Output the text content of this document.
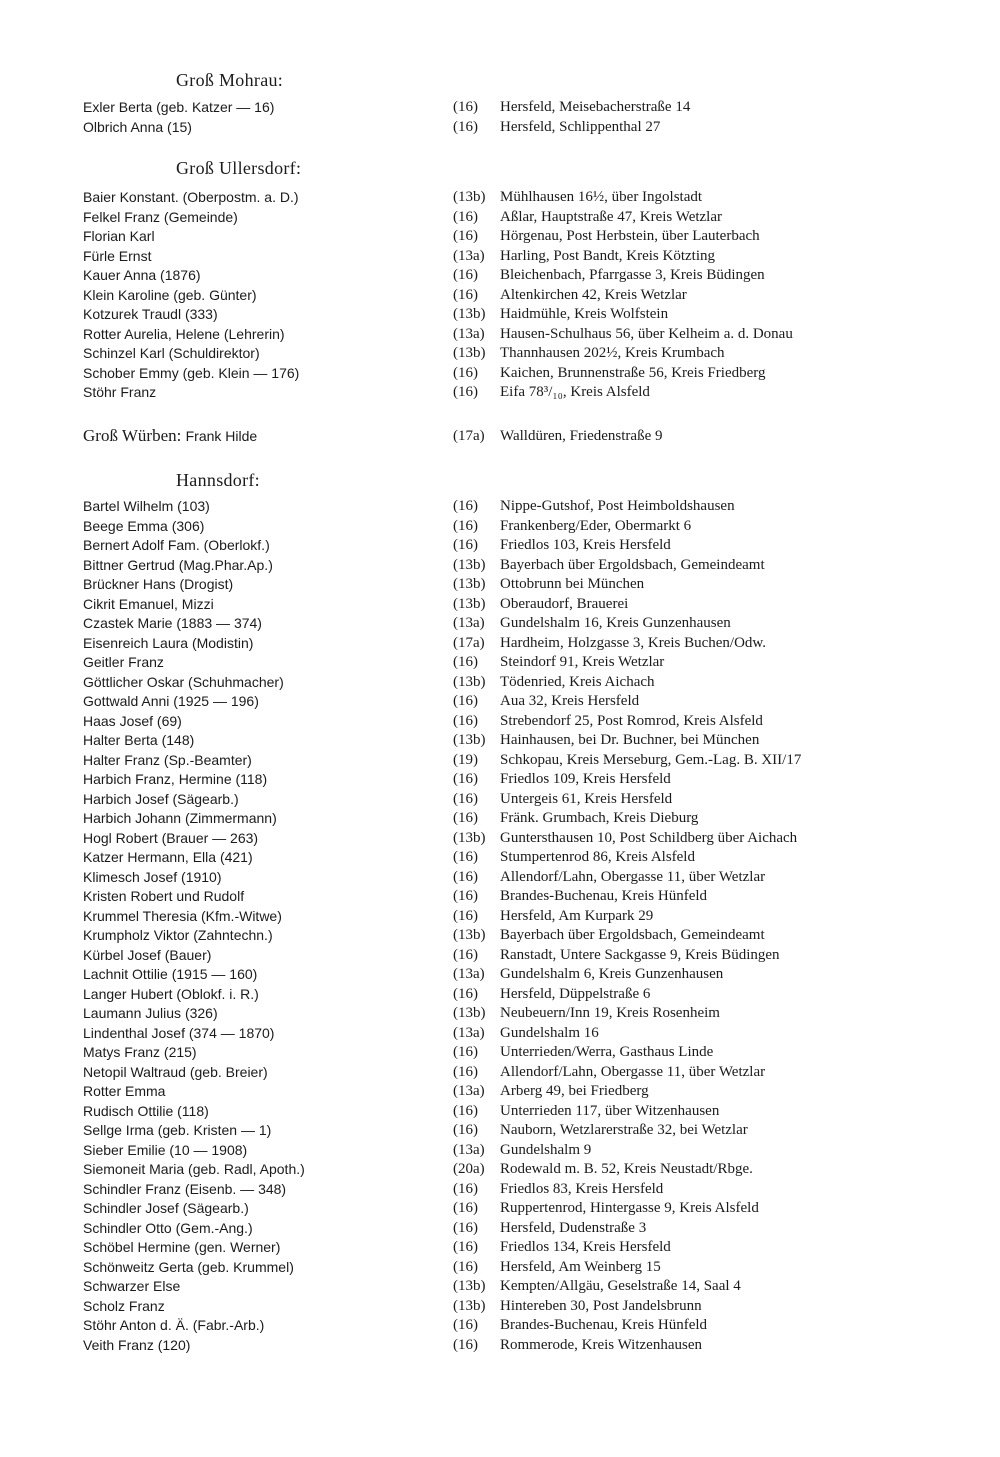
Groß Mohrau:
Exler Berta (geb. Katzer — 16)	(16)	Hersfeld, Meisebacherstraße 14
Olbrich Anna (15)	(16)	Hersfeld, Schlippenthal 27
Groß Ullersdorf:
Baier Konstant. (Oberpostm. a. D.)	(13b) Mühlhausen 16½, über Ingolstadt
Felkel Franz (Gemeinde)	(16)	Aßlar, Hauptstraße 47, Kreis Wetzlar
Florian Karl	(16)	Hörgenau, Post Herbstein, über Lauterbach
Fürle Ernst	(13a)	Harling, Post Bandt, Kreis Kötzting
Kauer Anna (1876)	(16)	Bleichenbach, Pfarrgasse 3, Kreis Büdingen
Klein Karoline (geb. Günter)	(16)	Altenkirchen 42, Kreis Wetzlar
Kotzurek Traudl (333)	(13b) Haidmühle, Kreis Wolfstein
Rotter Aurelia, Helene (Lehrerin)	(13a)	Hausen-Schulhaus 56, über Kelheim a. d. Donau
Schinzel Karl (Schuldirektor)	(13b) Thannhausen 202½, Kreis Krumbach
Schober Emmy (geb. Klein — 176)	(16)	Kaichen, Brunnenstraße 56, Kreis Friedberg
Stöhr Franz	(16)	Eifa 78³/₁₀, Kreis Alsfeld
Groß Würben: Frank Hilde	(17a)	Walldüren, Friedenstraße 9
Hannsdorf:
Bartel Wilhelm (103)	(16)	Nippe-Gutshof, Post Heimboldshausen
Beege Emma (306)	(16)	Frankenberg/Eder, Obermarkt 6
Bernert Adolf Fam. (Oberlokf.)	(16)	Friedlos 103, Kreis Hersfeld
Bittner Gertrud (Mag.Phar.Ap.)	(13b) Bayerbach über Ergoldsbach, Gemeindeamt
Brückner Hans (Drogist)	(13b) Ottobrunn bei München
Cikrit Emanuel, Mizzi	(13b) Oberaudorf, Brauerei
Czastek Marie (1883 — 374)	(13a)	Gundelshalm 16, Kreis Gunzenhausen
Eisenreich Laura (Modistin)	(17a)	Hardheim, Holzgasse 3, Kreis Buchen/Odw.
Geitler Franz	(16)	Steindorf 91, Kreis Wetzlar
Göttlicher Oskar (Schuhmacher)	(13b) Tödenried, Kreis Aichach
Gottwald Anni (1925 — 196)	(16)	Aua 32, Kreis Hersfeld
Haas Josef (69)	(16)	Strebendorf 25, Post Romrod, Kreis Alsfeld
Halter Berta (148)	(13b) Hainhausen, bei Dr. Buchner, bei München
Halter Franz (Sp.-Beamter)	(19)	Schkopau, Kreis Merseburg, Gem.-Lag. B. XII/17
Harbich Franz, Hermine (118)	(16)	Friedlos 109, Kreis Hersfeld
Harbich Josef (Sägearb.)	(16)	Untergeis 61, Kreis Hersfeld
Harbich Johann (Zimmermann)	(16)	Fränk. Grumbach, Kreis Dieburg
Hogl Robert (Brauer — 263)	(13b) Guntersthausen 10, Post Schildberg über Aichach
Katzer Hermann, Ella (421)	(16)	Stumpertenrod 86, Kreis Alsfeld
Klimesch Josef (1910)	(16)	Allendorf/Lahn, Obergasse 11, über Wetzlar
Kristen Robert und Rudolf	(16)	Brandes-Buchenau, Kreis Hünfeld
Krummel Theresia (Kfm.-Witwe)	(16)	Hersfeld, Am Kurpark 29
Krumpholz Viktor (Zahntechn.)	(13b) Bayerbach über Ergoldsbach, Gemeindeamt
Kürbel Josef (Bauer)	(16)	Ranstadt, Untere Sackgasse 9, Kreis Büdingen
Lachnit Ottilie (1915 — 160)	(13a)	Gundelshalm 6, Kreis Gunzenhausen
Langer Hubert (Oblokf. i. R.)	(16)	Hersfeld, Düppelstraße 6
Laumann Julius (326)	(13b) Neubeuern/Inn 19, Kreis Rosenheim
Lindenthal Josef (374 — 1870)	(13a)	Gundelshalm 16
Matys Franz (215)	(16)	Unterrieden/Werra, Gasthaus Linde
Netopil Waltraud (geb. Breier)	(16)	Allendorf/Lahn, Obergasse 11, über Wetzlar
Rotter Emma	(13a)	Arberg 49, bei Friedberg
Rudisch Ottilie (118)	(16)	Unterrieden 117, über Witzenhausen
Sellge Irma (geb. Kristen — 1)	(16)	Nauborn, Wetzlarerstraße 32, bei Wetzlar
Sieber Emilie (10 — 1908)	(13a)	Gundelshalm 9
Siemoneit Maria (geb. Radl, Apoth.)	(20a)	Rodewald m. B. 52, Kreis Neustadt/Rbge.
Schindler Franz (Eisenb. — 348)	(16)	Friedlos 83, Kreis Hersfeld
Schindler Josef (Sägearb.)	(16)	Ruppertenrod, Hintergasse 9, Kreis Alsfeld
Schindler Otto (Gem.-Ang.)	(16)	Hersfeld, Dudenstraße 3
Schöbel Hermine (gen. Werner)	(16)	Friedlos 134, Kreis Hersfeld
Schönweitz Gerta (geb. Krummel)	(16)	Hersfeld, Am Weinberg 15
Schwarzer Else	(13b) Kempten/Allgäu, Geselstraße 14, Saal 4
Scholz Franz	(13b) Hintereben 30, Post Jandelsbrunn
Stöhr Anton d. Ä. (Fabr.-Arb.)	(16)	Brandes-Buchenau, Kreis Hünfeld
Veith Franz (120)	(16)	Rommerode, Kreis Witzenhausen
